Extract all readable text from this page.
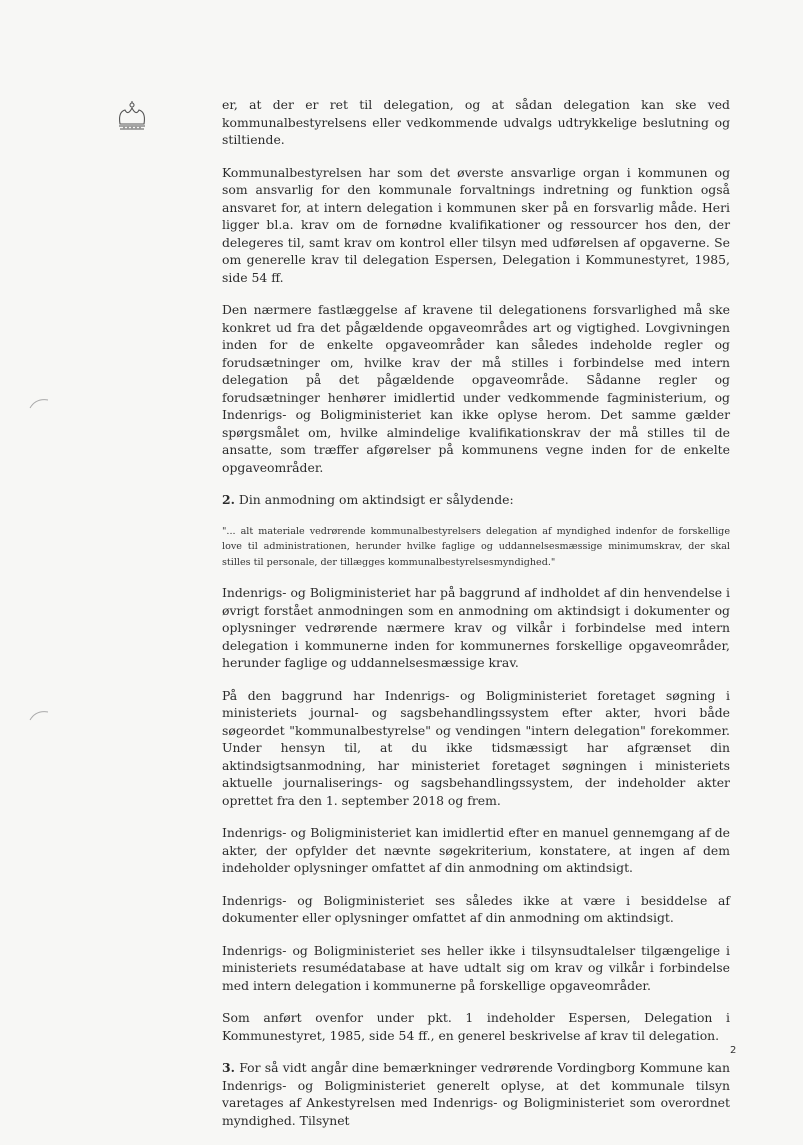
er, at der er ret til delegation, og at sådan delegation kan ske ved kommunalbestyrelsens eller vedkommende udvalgs udtrykkelige beslutning og stiltiende.

Kommunalbestyrelsen har som det øverste ansvarlige organ i kommunen og som ansvarlig for den kommunale forvaltnings indretning og funktion også ansvaret for, at intern delegation i kommunen sker på en forsvarlig måde. Heri ligger bl.a. krav om de fornødne kvalifikationer og ressourcer hos den, der delegeres til, samt krav om kontrol eller tilsyn med udførelsen af opgaverne. Se om generelle krav til delegation Espersen, Delegation i Kommunestyret, 1985, side 54 ff.

Den nærmere fastlæggelse af kravene til delegationens forsvarlighed må ske konkret ud fra det pågældende opgaveområdes art og vigtighed. Lovgivningen inden for de enkelte opgaveområder kan således indeholde regler og forudsætninger om, hvilke krav der må stilles i forbindelse med intern delegation på det pågældende opgaveområde. Sådanne regler og forudsætninger henhører imidlertid under vedkommende fagministerium, og Indenrigs- og Boligministeriet kan ikke oplyse herom. Det samme gælder spørgsmålet om, hvilke almindelige kvalifikationskrav der må stilles til de ansatte, som træffer afgørelser på kommunens vegne inden for de enkelte opgaveområder.

2. Din anmodning om aktindsigt er sålydende:

"... alt materiale vedrørende kommunalbestyrelsers delegation af myndighed indenfor de forskellige love til administrationen, herunder hvilke faglige og uddannelsesmæssige minimumskrav, der skal stilles til personale, der tillægges kommunalbestyrelsesmyndighed."

Indenrigs- og Boligministeriet har på baggrund af indholdet af din henvendelse i øvrigt forstået anmodningen som en anmodning om aktindsigt i dokumenter og oplysninger vedrørende nærmere krav og vilkår i forbindelse med intern delegation i kommunerne inden for kommunernes forskellige opgaveområder, herunder faglige og uddannelsesmæssige krav.

På den baggrund har Indenrigs- og Boligministeriet foretaget søgning i ministeriets journal- og sagsbehandlingssystem efter akter, hvori både søgeordet "kommunalbestyrelse" og vendingen "intern delegation" forekommer. Under hensyn til, at du ikke tidsmæssigt har afgrænset din aktindsigtsanmodning, har ministeriet foretaget søgningen i ministeriets aktuelle journaliserings- og sagsbehandlingssystem, der indeholder akter oprettet fra den 1. september 2018 og frem.

Indenrigs- og Boligministeriet kan imidlertid efter en manuel gennemgang af de akter, der opfylder det nævnte søgekriterium, konstatere, at ingen af dem indeholder oplysninger omfattet af din anmodning om aktindsigt.

Indenrigs- og Boligministeriet ses således ikke at være i besiddelse af dokumenter eller oplysninger omfattet af din anmodning om aktindsigt.

Indenrigs- og Boligministeriet ses heller ikke i tilsynsudtalelser tilgængelige i ministeriets resumédatabase at have udtalt sig om krav og vilkår i forbindelse med intern delegation i kommunerne på forskellige opgaveområder.

Som anført ovenfor under pkt. 1 indeholder Espersen, Delegation i Kommunestyret, 1985, side 54 ff., en generel beskrivelse af krav til delegation.

3. For så vidt angår dine bemærkninger vedrørende Vordingborg Kommune kan Indenrigs- og Boligministeriet generelt oplyse, at det kommunale tilsyn varetages af Ankestyrelsen med Indenrigs- og Boligministeriet som overordnet myndighed. Tilsynet

2
